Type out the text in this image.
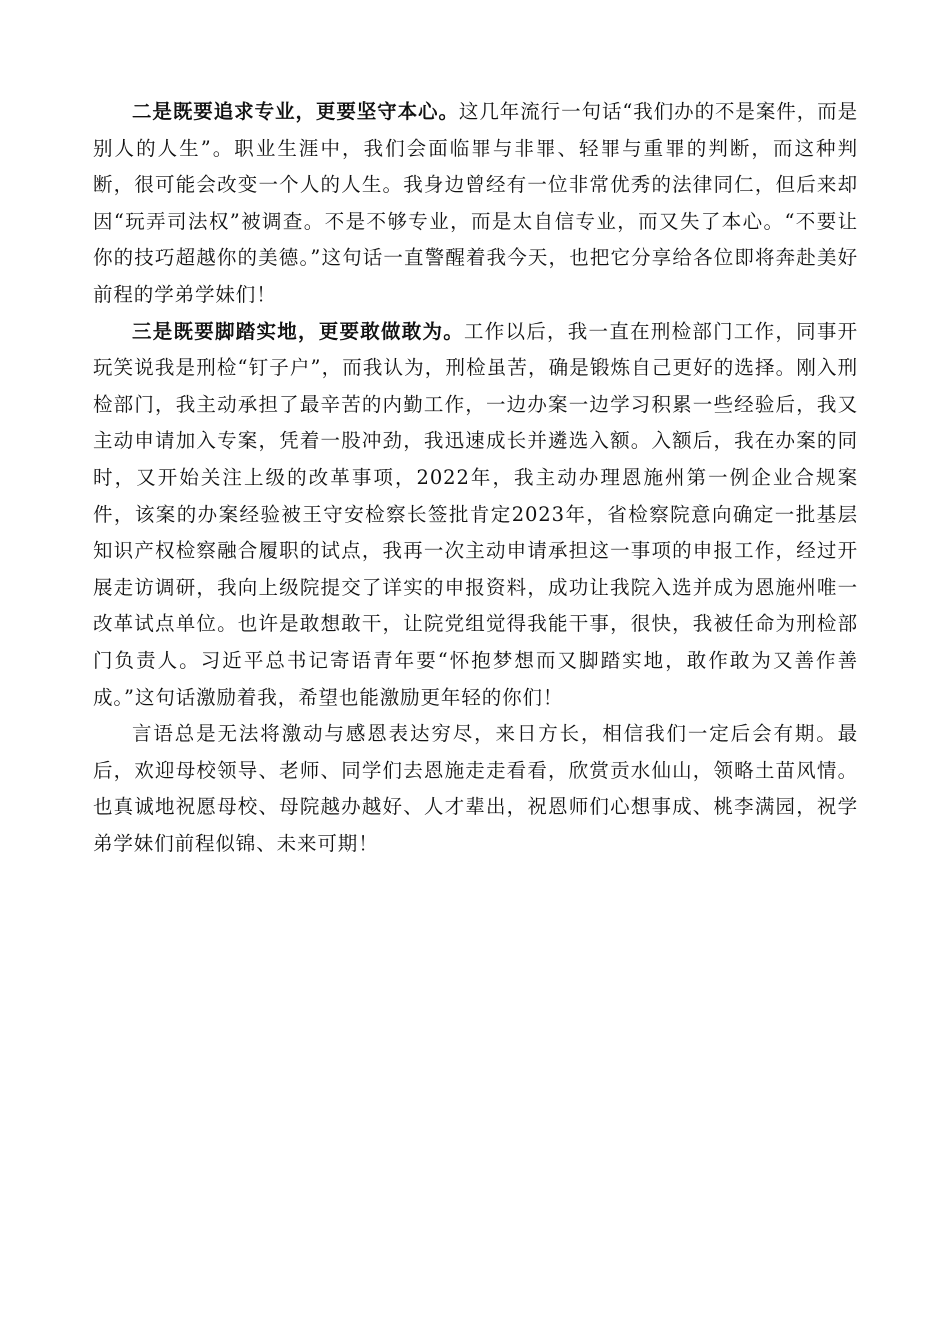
二是既要追求专业，更要坚守本心。这几年流行一句话“我们办的不是案件，而是别人的人生”。职业生涯中，我们会面临罪与非罪、轻罪与重罪的判断，而这种判断，很可能会改变一个人的人生。我身边曾经有一位非常优秀的法律同仁，但后来却因“玩弄司法权”被调查。不是不够专业，而是太自信专业，而又失了本心。“不要让你的技巧超越你的美德。”这句话一直警醒着我今天，也把它分享给各位即将奔赴美好前程的学弟学妹们！

三是既要脚踏实地，更要敢做敢为。工作以后，我一直在刑检部门工作，同事开玩笑说我是刑检“钉子户”，而我认为，刑检虽苦，确是锻炼自己更好的选择。刚入刑检部门，我主动承担了最辛苦的内勤工作，一边办案一边学习积累一些经验后，我又主动申请加入专案，凭着一股冲劲，我迅速成长并遴选入额。入额后，我在办案的同时，又开始关注上级的改革事项，2022年，我主动办理恩施州第一例企业合规案件，该案的办案经验被王守安检察长签批肯定2023年，省检察院意向确定一批基层知识产权检察融合履职的试点，我再一次主动申请承担这一事项的申报工作，经过开展走访调研，我向上级院提交了详实的申报资料，成功让我院入选并成为恩施州唯一改革试点单位。也许是敢想敢干，让院党组觉得我能干事，很快，我被任命为刑检部门负责人。习近平总书记寄语青年要“怀抱梦想而又脚踏实地，敢作敢为又善作善成。”这句话激励着我，希望也能激励更年轻的你们！

言语总是无法将激动与感恩表达穷尽，来日方长，相信我们一定后会有期。最后，欢迎母校领导、老师、同学们去恩施走走看看，欣赏贡水仙山，领略土苗风情。也真诚地祝愿母校、母院越办越好、人才辈出，祝恩师们心想事成、桃李满园，祝学弟学妹们前程似锦、未来可期！
